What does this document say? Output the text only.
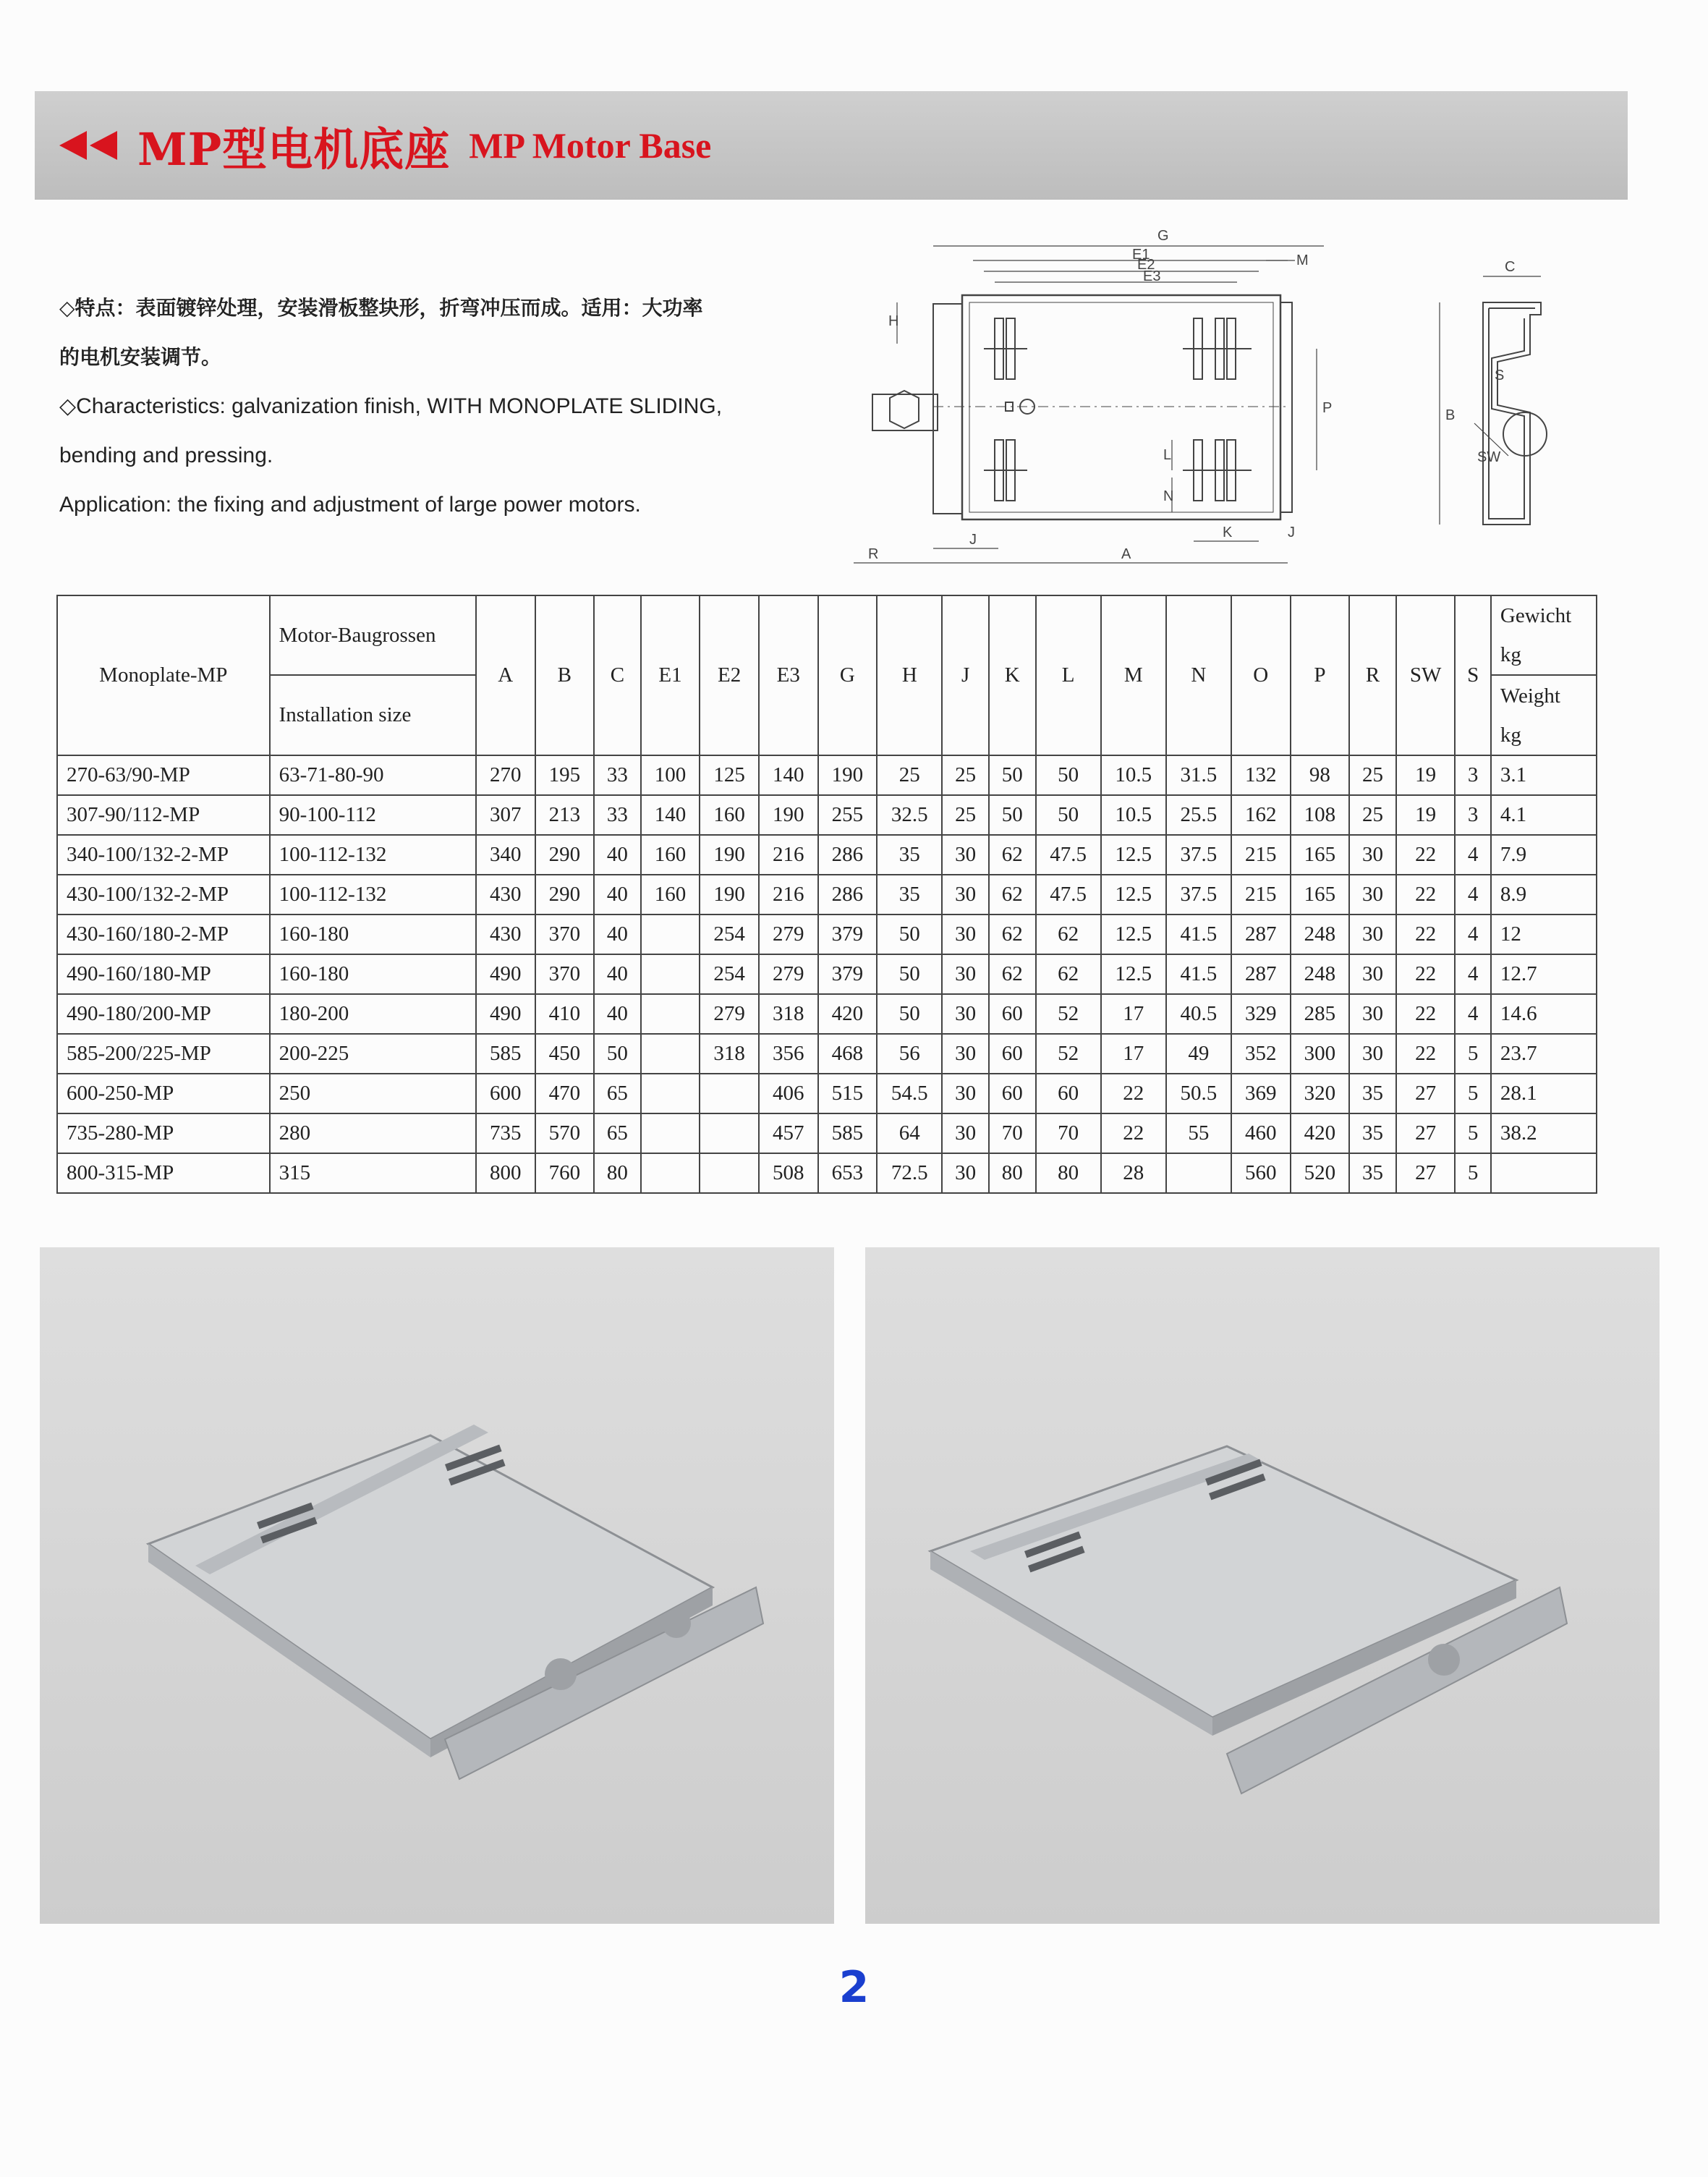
MP型电机底座 MP Motor Base

◇特点：表面镀锌处理，安装滑板整块形，折弯冲压而成。适用：大功率

的电机安装调节。

◇Characteristics: galvanization finish, WITH MONOPLATE SLIDING,

bending and pressing.

Application: the fixing and adjustment of large power motors.

G
E1
E2
E3
M
H
P
L
N
R
J
A
K	J
B
C
S
SW
Monoplate-MP	Motor-Baugrossen	A	B	C	E1	E2	E3	G	H	J	K	L	M	N	O	P	R	SW	S	Gewicht
kg
	Installation size																			Weight
kg
270-63/90-MP	63-71-80-90	270	195	33	100	125	140	190	25	25	50	50	10.5	31.5	132	98	25	19	3	3.1
307-90/112-MP	90-100-112	307	213	33	140	160	190	255	32.5	25	50	50	10.5	25.5	162	108	25	19	3	4.1
340-100/132-2-MP	100-112-132	340	290	40	160	190	216	286	35	30	62	47.5	12.5	37.5	215	165	30	22	4	7.9
430-100/132-2-MP	100-112-132	430	290	40	160	190	216	286	35	30	62	47.5	12.5	37.5	215	165	30	22	4	8.9
430-160/180-2-MP	160-180	430	370	40		254	279	379	50	30	62	62	12.5	41.5	287	248	30	22	4	12
490-160/180-MP	160-180	490	370	40		254	279	379	50	30	62	62	12.5	41.5	287	248	30	22	4	12.7
490-180/200-MP	180-200	490	410	40		279	318	420	50	30	60	52	17	40.5	329	285	30	22	4	14.6
585-200/225-MP	200-225	585	450	50		318	356	468	56	30	60	52	17	49	352	300	30	22	5	23.7
600-250-MP	250	600	470	65			406	515	54.5	30	60	60	22	50.5	369	320	35	27	5	28.1
735-280-MP	280	735	570	65			457	585	64	30	70	70	22	55	460	420	35	27	5	38.2
800-315-MP	315	800	760	80			508	653	72.5	30	80	80	28		560	520	35	27	5	
2
